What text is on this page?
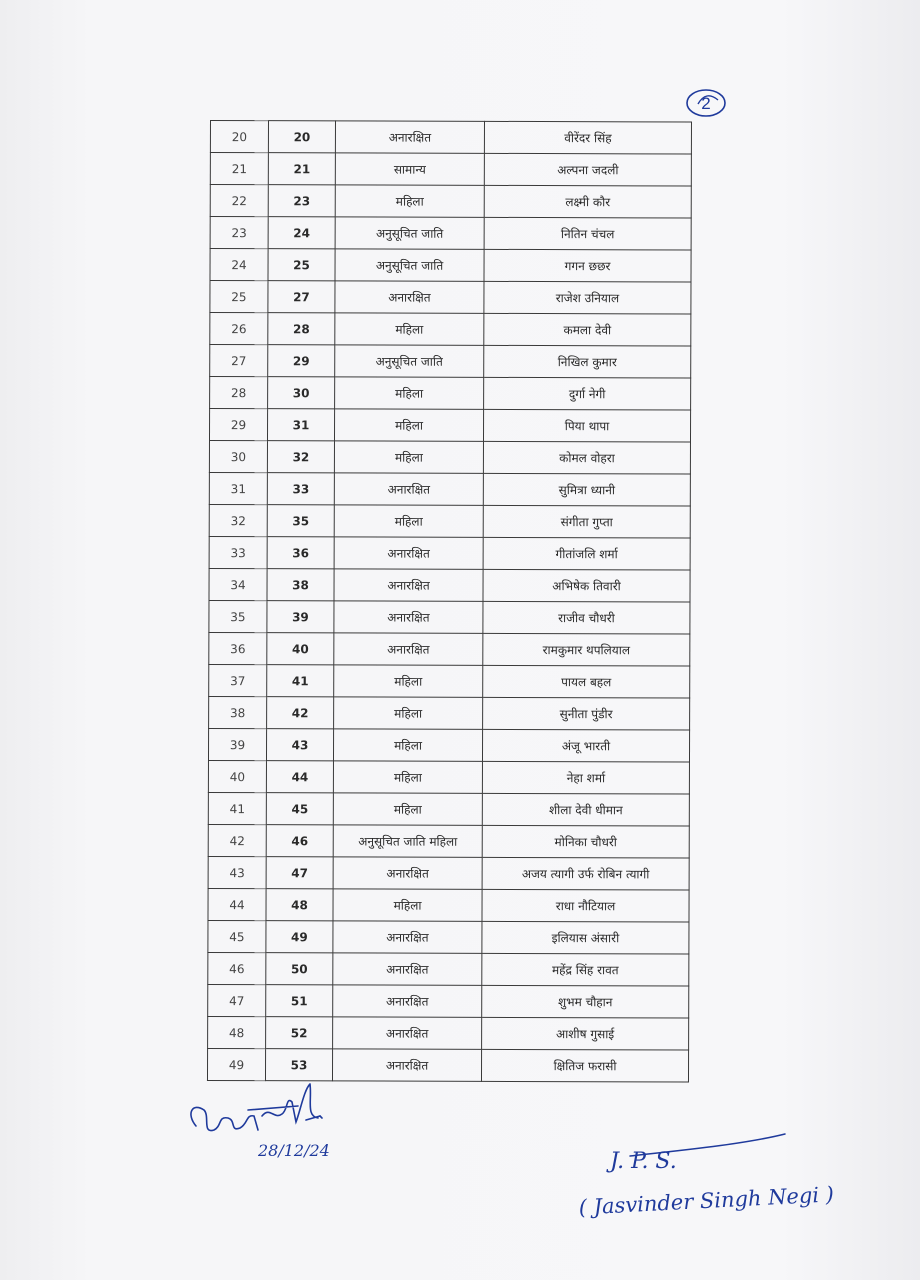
2
20	20	अनारक्षित	वीरेंदर सिंह
21	21	सामान्य	अल्पना जदली
22	23	महिला	लक्ष्मी कौर
23	24	अनुसूचित जाति	नितिन चंचल
24	25	अनुसूचित जाति	गगन छछर
25	27	अनारक्षित	राजेश उनियाल
26	28	महिला	कमला देवी
27	29	अनुसूचित जाति	निखिल कुमार
28	30	महिला	दुर्गा नेगी
29	31	महिला	पिया थापा
30	32	महिला	कोमल वोहरा
31	33	अनारक्षित	सुमित्रा ध्यानी
32	35	महिला	संगीता गुप्ता
33	36	अनारक्षित	गीतांजलि शर्मा
34	38	अनारक्षित	अभिषेक तिवारी
35	39	अनारक्षित	राजीव चौधरी
36	40	अनारक्षित	रामकुमार थपलियाल
37	41	महिला	पायल बहल
38	42	महिला	सुनीता पुंडीर
39	43	महिला	अंजू भारती
40	44	महिला	नेहा शर्मा
41	45	महिला	शीला देवी धीमान
42	46	अनुसूचित जाति महिला	मोनिका चौधरी
43	47	अनारक्षित	अजय त्यागी उर्फ रोबिन त्यागी
44	48	महिला	राधा नौटियाल
45	49	अनारक्षित	इलियास अंसारी
46	50	अनारक्षित	महेंद्र सिंह रावत
47	51	अनारक्षित	शुभम चौहान
48	52	अनारक्षित	आशीष गुसाई
49	53	अनारक्षित	क्षितिज फरासी
28/12/24	J. P. S.
( Jasvinder Singh Negi )
